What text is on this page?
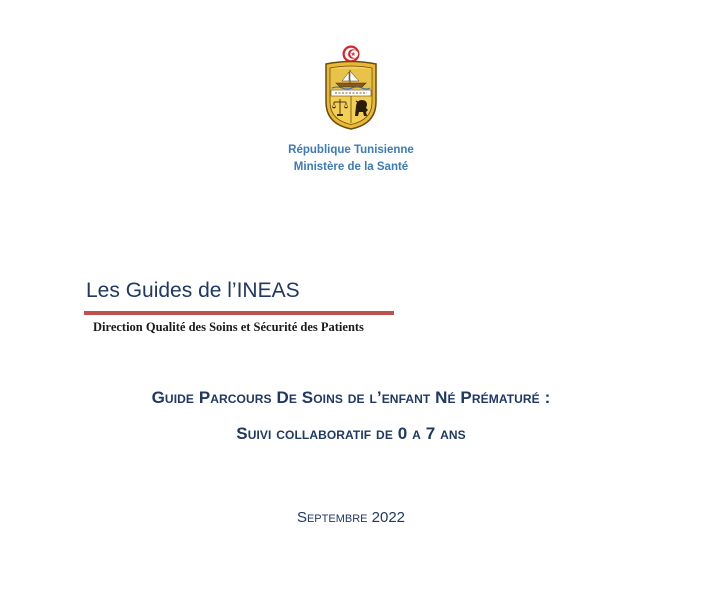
République Tunisienne
Ministère de la Santé
Les Guides de l’INEAS
Direction Qualité des Soins et Sécurité des Patients
Guide Parcours De Soins de l’enfant Né Prématuré :
Suivi collaboratif de 0 a 7 ans
Septembre 2022
